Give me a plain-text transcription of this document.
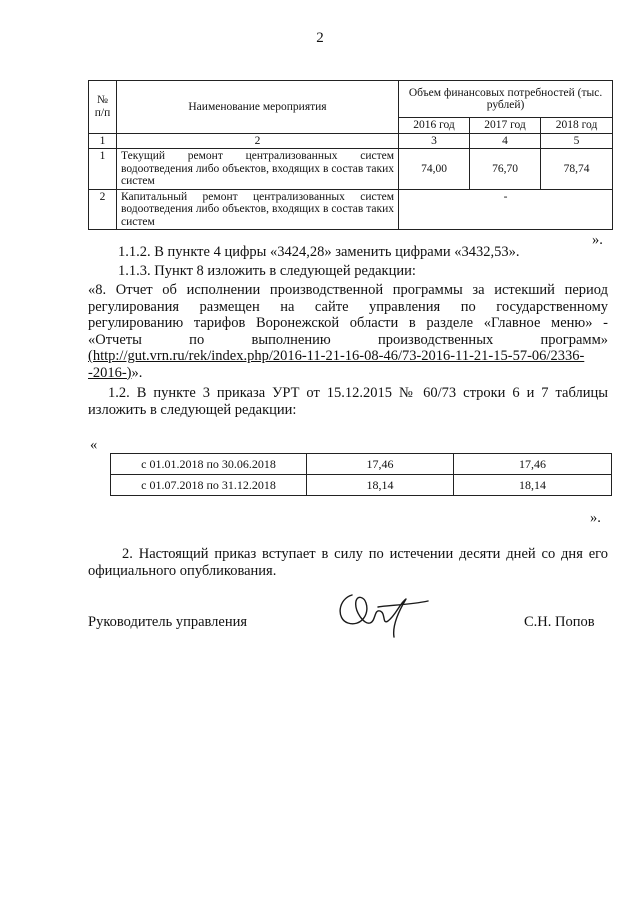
2
№ п/п	Наименование мероприятия	Объем финансовых потребностей (тыс. рублей)		
		2016 год	2017 год	2018 год
1	2	3	4	5
1	Текущий ремонт централизованных систем водоотведения либо объектов, входящих в состав таких систем	74,00	76,70	78,74
2	Капитальный ремонт централизованных систем водоотведения либо объектов, входящих в состав таких систем	-		
».
1.1.2. В пункте 4 цифры «3424,28» заменить цифрами «3432,53».
1.1.3. Пункт 8 изложить в следующей редакции:
«8. Отчет об исполнении производственной программы за истекший период
регулирования размещен на сайте управления по государственному
регулированию тарифов Воронежской области в разделе «Главное меню» -
«Отчеты по выполнению производственных программ»
(http://gut.vrn.ru/rek/index.php/2016-11-21-16-08-46/73-2016-11-21-15-57-06/2336-
-2016-)».
1.2. В пункте 3 приказа УРТ от 15.12.2015 № 60/73 строки 6 и 7 таблицы изложить в следующей редакции:
«
с 01.01.2018 по 30.06.2018	17,46	17,46
с 01.07.2018 по 31.12.2018	18,14	18,14
».
2. Настоящий приказ вступает в силу по истечении десяти дней со дня его официального опубликования.
Руководитель управления	С.Н. Попов
